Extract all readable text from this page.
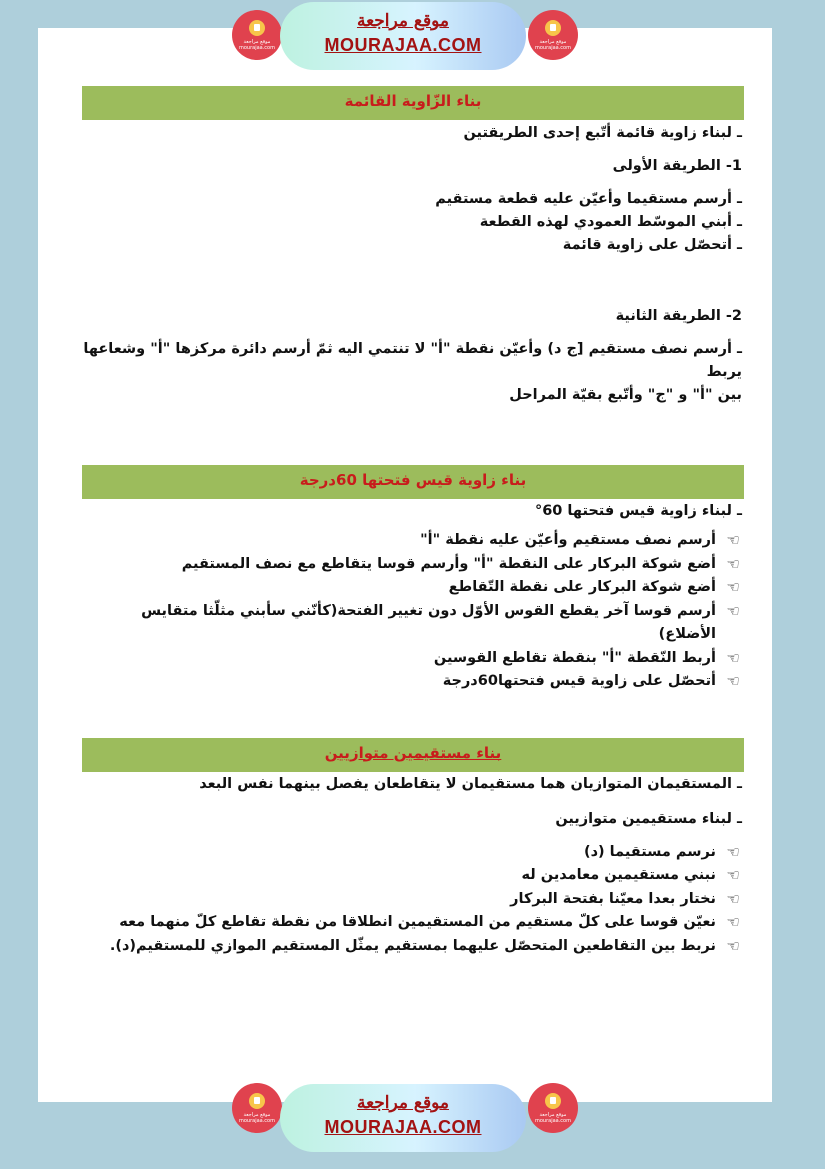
موقع مراجعة mourajaa.com
موقع مراجعة
MOURAJAA.COM	موقع مراجعة mourajaa.com
بناء الزّاوية القائمة

ـ لبناء زاوية قائمة أتّبع إحدى الطريقتين

1- الطريقة الأولى

ـ أرسم مستقيما وأعيّن عليه قطعة مستقيم

ـ أبني الموسّط العمودي لهذه القطعة

ـ أتحصّل على زاوية قائمة

2- الطريقة الثانية

ـ أرسم نصف مستقيم [ج د) وأعيّن نقطة "أ" لا تنتمي اليه ثمّ أرسم دائرة مركزها "أ" وشعاعها يربط

بين "أ" و "ج" وأتّبع بقيّة المراحل

بناء زاوية قيس فتحتها 60درجة

ـ لبناء زاوية قيس فتحتها 60°

☜
أرسم نصف مستقيم وأعيّن عليه نقطة "أ"
☜
أضع شوكة البركار على النقطة "أ" وأرسم قوسا يتقاطع مع نصف المستقيم
☜
أضع شوكة البركار على نقطة التّقاطع
☜
أرسم قوسا آخر يقطع القوس الأوّل دون تغيير الفتحة(كأنّني سأبني مثلّثا متقايس الأضلاع)
☜
أربط النّقطة "أ" بنقطة تقاطع القوسين
☜
أتحصّل على زاوية قيس فتحتها60درجة
بناء مستقيمين متوازيين

ـ المستقيمان المتوازيان هما مستقيمان لا يتقاطعان يفصل بينهما نفس البعد

ـ لبناء مستقيمين متوازيين

☜
نرسم مستقيما (د)
☜
نبني مستقيمين معامدين له
☜
نختار بعدا معيّنا بفتحة البركار
☜
نعيّن قوسا على كلّ مستقيم من المستقيمين انطلاقا من نقطة تقاطع كلّ منهما معه
☜
نربط بين التقاطعين المتحصّل عليهما بمستقيم يمثّل المستقيم الموازي للمستقيم(د).
موقع مراجعة mourajaa.com
موقع مراجعة
MOURAJAA.COM
موقع مراجعة mourajaa.com
